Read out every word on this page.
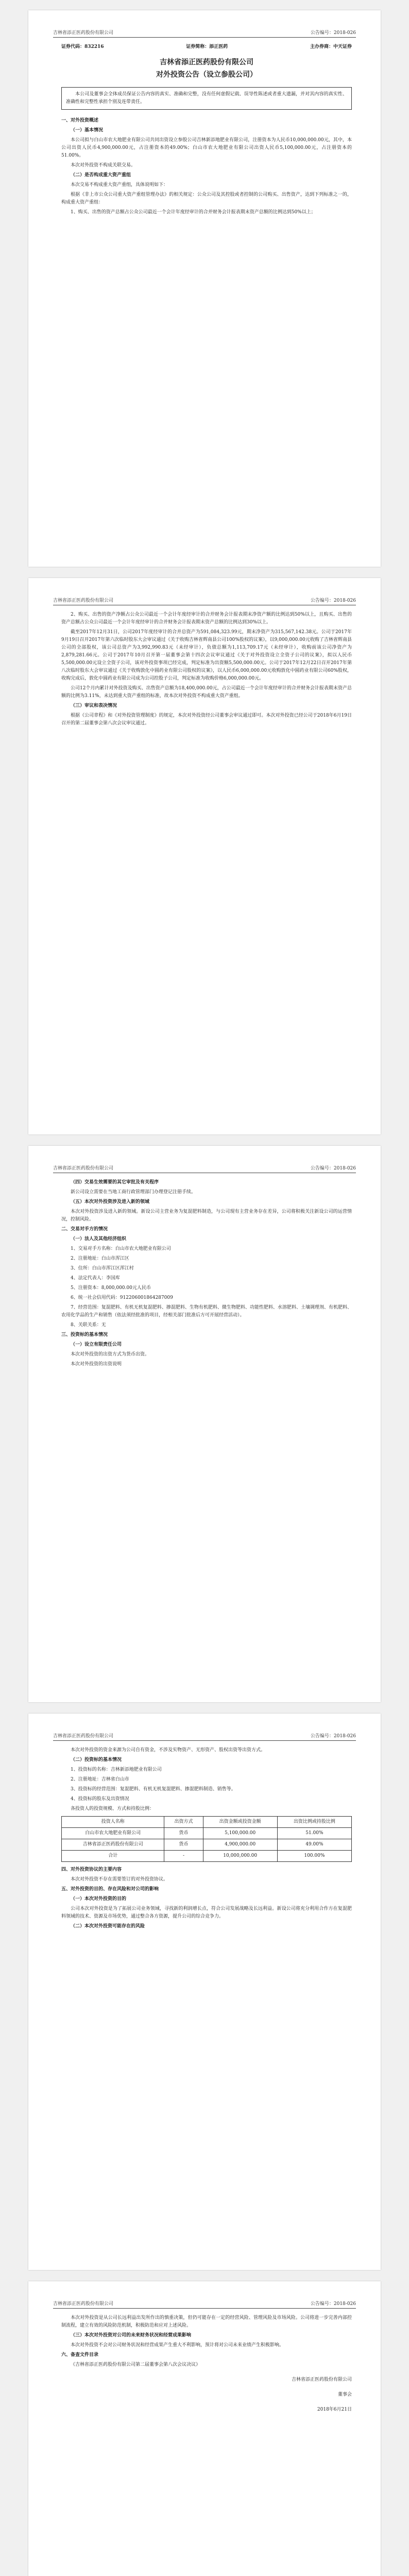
吉林省添正医药股份有限公司	公告编号：2018-026
证券代码：832216	证券简称：添正医药	主办券商：中天证券
吉林省添正医药股份有限公司
对外投资公告（设立参股公司）

本公司及董事会全体成员保证公告内容的真实、准确和完整，没有任何虚假记载、误导性陈述或者重大遗漏，并对其内容的真实性、准确性和完整性承担个别及连带责任。

一、对外投资概述

（一）基本情况

本公司拟与白山市农大地肥业有限公司共同出资设立参股公司吉林新添地肥业有限公司，注册资本为人民币10,000,000.00元，其中，本公司出资人民币4,900,000.00元，占注册资本的49.00%；白山市农大地肥业有限公司出资人民币5,100,000.00元，占注册资本的51.00%。

本次对外投资不构成关联交易。

（二）是否构成重大资产重组

本次交易不构成重大资产重组，具体说明如下：

根据《非上市公众公司重大资产重组管理办法》的相关规定：公众公司及其控股或者控制的公司购买、出售资产，达到下列标准之一的，构成重大资产重组：

1、购买、出售的资产总额占公众公司最近一个会计年度经审计的合并财务会计报表期末资产总额的比例达到50%以上；

吉林省添正医药股份有限公司	公告编号：2018-026

2、购买、出售的资产净额占公众公司最近一个会计年度经审计的合并财务会计报表期末净资产额的比例达到50%以上，且购买、出售的资产总额占公众公司最近一个会计年度经审计的合并财务会计报表期末资产总额的比例达到30%以上。

截至2017年12月31日，公司2017年度经审计的合并总资产为591,084,323.99元，期末净资产为315,567,142.38元。公司于2017年9月19日召开2017年第六次临时股东大会审议通过《关于收购吉林省辉南县公司100%股权的议案》，以9,000,000.00元收购了吉林省辉南县公司的全部股权，该公司总资产为3,992,990.83元（未经审计），负债总额为1,113,709.17元（未经审计），收购前该公司净资产为2,879,281.66元。公司于2017年10月召开第一届董事会第十四次会议审议通过《关于对外投资设立全资子公司的议案》，拟以人民币5,500,000.00元设立全资子公司，该对外投资事项已经完成，判定标准为出资额5,500,000.00元。公司于2017年12月22日召开2017年第八次临时股东大会审议通过《关于收购敦化中圆药业有限公司股权的议案》，以人民币6,000,000.00元收购敦化中圆药业有限公司60%股权，收购完成后，敦化中圆药业有限公司成为公司控股子公司，判定标准为收购价格6,000,000.00元。

公司12个月内累计对外投资及购买、出售资产总额为18,400,000.00元，占公司最近一个会计年度经审计的合并财务会计报表期末资产总额的比例为3.11%，未达到重大资产重组的标准，故本次对外投资不构成重大资产重组。

（三）审议和表决情况

根据《公司章程》和《对外投资管理制度》的规定，本次对外投资经公司董事会审议通过即可。本次对外投资已经公司于2018年6月19日召开的第二届董事会第八次会议审议通过。

吉林省添正医药股份有限公司	公告编号：2018-026

（四）交易生效需要的其它审批及有关程序

新公司设立需要在当地工商行政管理部门办理登记注册手续。

（五）本次对外投资涉及进入新的领域

本次对外投资涉及进入新的领域。新设公司主营业务为复混肥料制造，与公司现有主营业务存在差异，公司将积极关注新设公司的运营情况，控制风险。

二、交易对手方的情况

（一）法人及其他经济组织

1、交易对手方名称：白山市农大地肥业有限公司

2、注册地址：白山市浑江区

3、住所：白山市浑江区浑江村

4、法定代表人：李国库

5、注册资本：8,000,000.00元人民币

6、统一社会信用代码：912206001864287009

7、经营范围：复混肥料、有机无机复混肥料、掺混肥料、生物有机肥料、微生物肥料、功能性肥料、水溶肥料、土壤调理剂、有机肥料、农用化学品的生产和销售（依法须经批准的项目，经相关部门批准后方可开展经营活动）。

8、关联关系：无

三、投资标的基本情况

（一）设立有限责任公司

本次对外投资的出资方式为货币出资。

本次对外投资的出资说明

吉林省添正医药股份有限公司	公告编号：2018-026

本次对外投资的资金来源为公司自有资金，不涉及实物资产、无形资产、股权出资等出资方式。

（二）投资标的基本情况

1、投资标的名称：吉林新添地肥业有限公司

2、注册地址：吉林省白山市

3、投资标的经营范围：复混肥料、有机无机复混肥料、掺混肥料制造、销售等。

4、投资标的股东及出资情况

各投资人的投资规模、方式和持股比例：

投资人名称	出资方式	出资金额或投资金额	出资比例或持股比例
白山市农大地肥业有限公司	货币	5,100,000.00	51.00%
吉林省添正医药股份有限公司	货币	4,900,000.00	49.00%
合计	-	10,000,000.00	100.00%

四、对外投资协议的主要内容

本次对外投资不存在需要签订的对外投资协议。

五、对外投资的目的、存在风险和对公司的影响

（一）本次对外投资的目的

公司本次对外投资是为了拓展公司业务领域，寻找新的利润增长点，符合公司发展战略及长远利益。新设公司将充分利用合作方在复混肥料领域的技术、资源及市场优势，通过整合各方资源，提升公司的综合竞争力。

（二）本次对外投资可能存在的风险

吉林省添正医药股份有限公司	公告编号：2018-026

本次对外投资是从公司长远利益出发所作出的慎重决策，但仍可能存在一定的经营风险、管理风险及市场风险。公司将进一步完善内部控制流程，建立有效的风险防范机制，积极防范和应对上述风险。

（三）本次对外投资对公司的未来财务状况和经营成果影响

本次对外投资不会对公司财务状况和经营成果产生重大不利影响，预计将对公司未来业绩产生积极影响。

六、备查文件目录

《吉林省添正医药股份有限公司第二届董事会第八次会议决议》

吉林省添正医药股份有限公司
董事会
2018年6月21日
